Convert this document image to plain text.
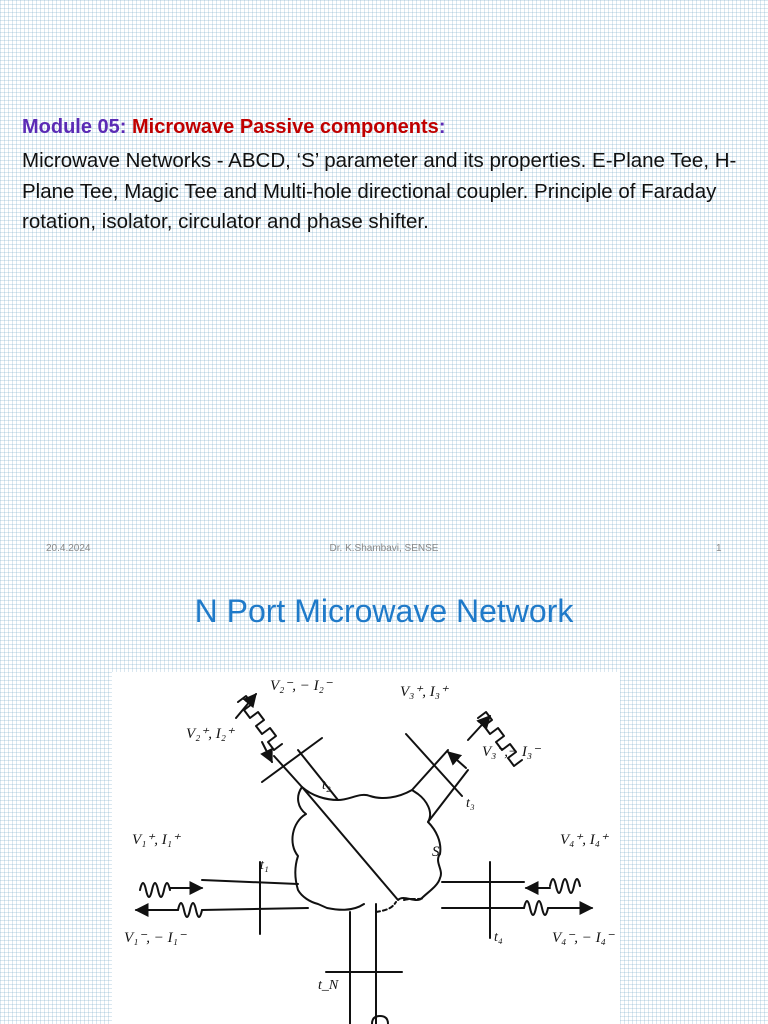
Module 05: Microwave Passive components:
Microwave Networks - ABCD, ‘S’ parameter and its properties. E-Plane Tee, H-Plane Tee, Magic Tee and Multi-hole directional coupler. Principle of Faraday rotation, isolator, circulator and phase shifter.
20.4.2024	Dr. K.Shambavi, SENSE	1
N Port Microwave Network
V₂⁻, − I₂⁻
V₂⁺, I₂⁺
V₃⁺, I₃⁺
V₃⁻,− I₃⁻
V₁⁺, I₁⁺
V₁⁻, − I₁⁻
V₄⁺, I₄⁺
V₄⁻, − I₄⁻
t₂
t₃
t₁
t₄
t_N
S
